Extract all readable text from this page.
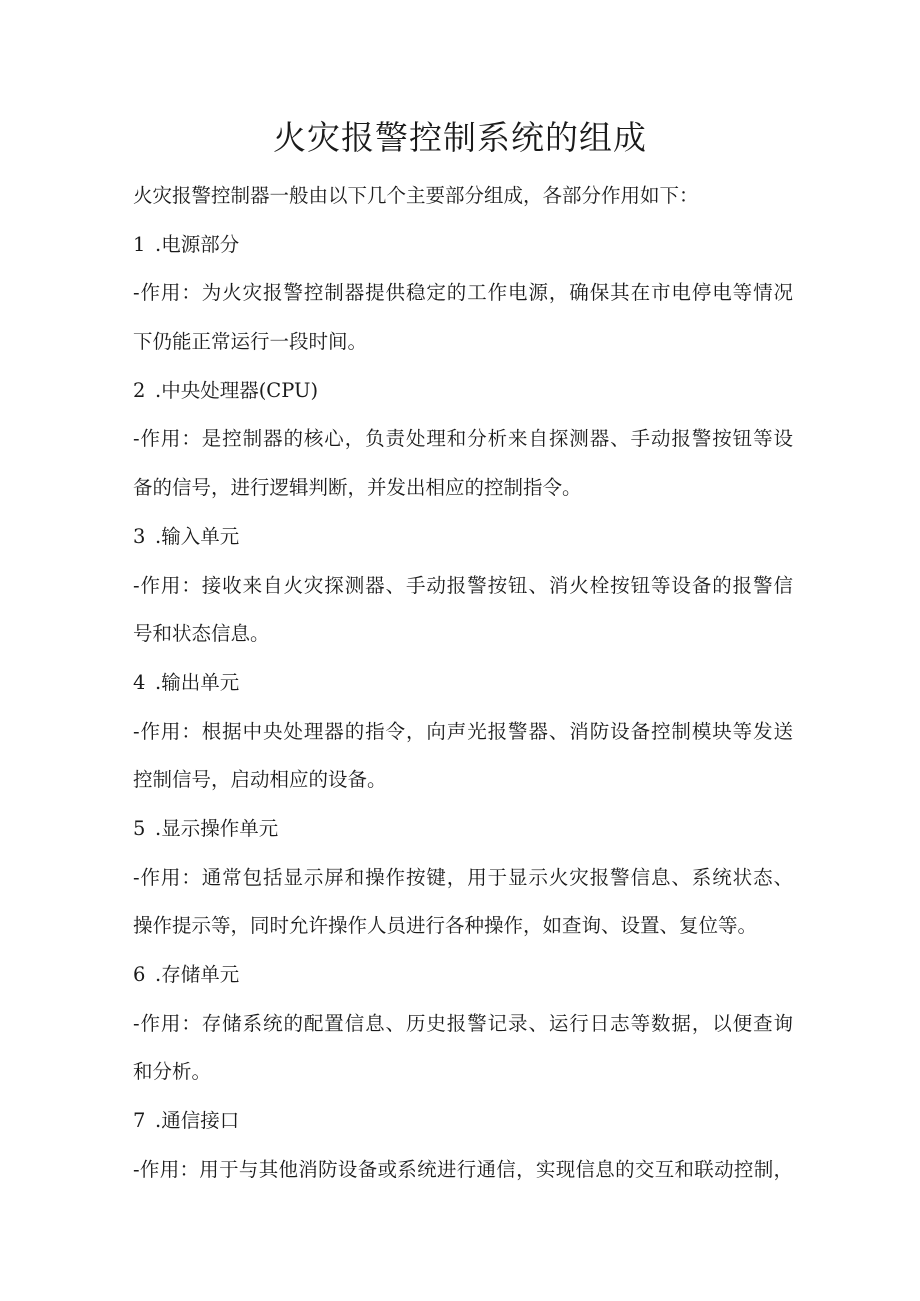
火灾报警控制系统的组成
火灾报警控制器一般由以下几个主要部分组成，各部分作用如下：
1 .电源部分
-作用：为火灾报警控制器提供稳定的工作电源，确保其在市电停电等情况
下仍能正常运行一段时间。
2 .中央处理器(CPU)
-作用：是控制器的核心，负责处理和分析来自探测器、手动报警按钮等设
备的信号，进行逻辑判断，并发出相应的控制指令。
3 .输入单元
-作用：接收来自火灾探测器、手动报警按钮、消火栓按钮等设备的报警信
号和状态信息。
4 .输出单元
-作用：根据中央处理器的指令，向声光报警器、消防设备控制模块等发送
控制信号，启动相应的设备。
5 .显示操作单元
-作用：通常包括显示屏和操作按键，用于显示火灾报警信息、系统状态、
操作提示等，同时允许操作人员进行各种操作，如查询、设置、复位等。
6 .存储单元
-作用：存储系统的配置信息、历史报警记录、运行日志等数据，以便查询
和分析。
7 .通信接口
-作用：用于与其他消防设备或系统进行通信，实现信息的交互和联动控制，
